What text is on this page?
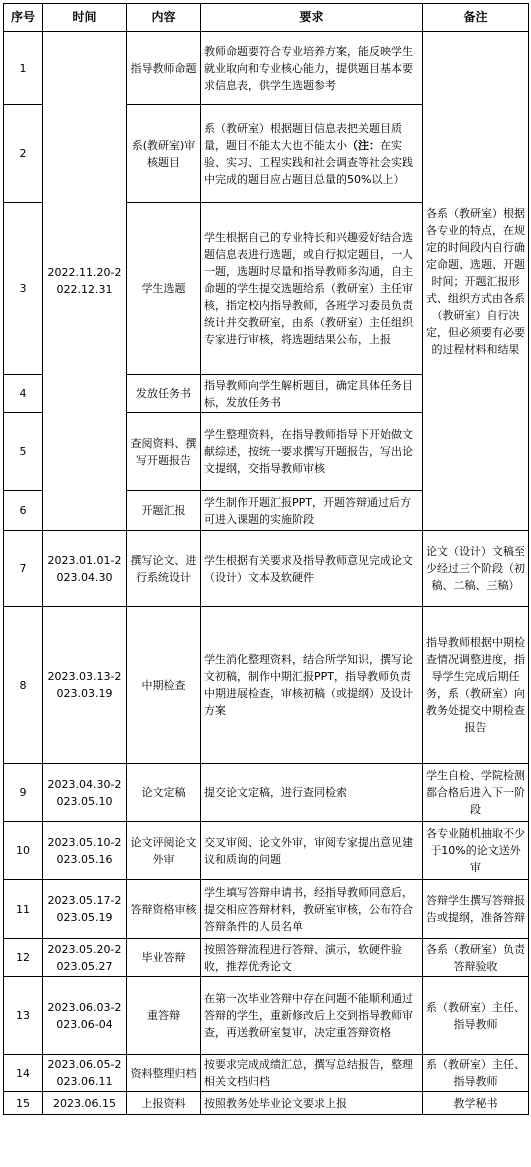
序号	时间	内容	要求	备注
1	2022.11.20-2022.12.31	指导教师命题	教师命题要符合专业培养方案，能反映学生就业取向和专业核心能力，提供题目基本要求信息表，供学生选题参考	各系（教研室）根据各专业的特点，在规定的时间段内自行确定命题、选题、开题时间；开题汇报形式、组织方式由各系（教研室）自行决定，但必须要有必要的过程材料和结果
2		系(教研室)审核题目	系（教研室）根据题目信息表把关题目质量，题目不能太大也不能太小（注：在实验、实习、工程实践和社会调查等社会实践中完成的题目应占题目总量的50%以上）	
3		学生选题	学生根据自己的专业特长和兴趣爱好结合选题信息表进行选题，或自行拟定题目，一人一题，选题时尽量和指导教师多沟通，自主命题的学生提交选题给系（教研室）主任审核，指定校内指导教师，各班学习委员负责统计并交教研室，由系（教研室）主任组织专家进行审核，将选题结果公布，上报	
4		发放任务书	指导教师向学生解析题目，确定具体任务目标，发放任务书	
5		查阅资料、撰写开题报告	学生整理资料，在指导教师指导下开始做文献综述，按统一要求撰写开题报告，写出论文提纲，交指导教师审核	
6		开题汇报	学生制作开题汇报PPT，开题答辩通过后方可进入课题的实施阶段	
7	2023.01.01-2023.04.30	撰写论文、进行系统设计	学生根据有关要求及指导教师意见完成论文（设计）文本及软硬件	论文（设计）文稿至少经过三个阶段（初稿、二稿、三稿）
8	2023.03.13-2023.03.19	中期检查	学生消化整理资料，结合所学知识，撰写论文初稿，制作中期汇报PPT，指导教师负责中期进展检查，审核初稿（或提纲）及设计方案	指导教师根据中期检查情况调整进度，指导学生完成后期任务，系（教研室）向教务处提交中期检查报告
9	2023.04.30-2023.05.10	论文定稿	提交论文定稿，进行查同检索	学生自检、学院检测都合格后进入下一阶段
10	2023.05.10-2023.05.16	论文评阅论文外审	交叉审阅、论文外审，审阅专家提出意见建议和质询的问题	各专业随机抽取不少于10%的论文送外审
11	2023.05.17-2023.05.19	答辩资格审核	学生填写答辩申请书，经指导教师同意后，提交相应答辩材料，教研室审核，公布符合答辩条件的人员名单	答辩学生撰写答辩报告或提纲，准备答辩
12	2023.05.20-2023.05.27	毕业答辩	按照答辩流程进行答辩、演示，软硬件验收，推荐优秀论文	各系（教研室）负责答辩验收
13	2023.06.03-2023.06-04	重答辩	在第一次毕业答辩中存在问题不能顺利通过答辩的学生，重新修改后上交到指导教师审查，再送教研室复审，决定重答辩资格	系（教研室）主任、指导教师
14	2023.06.05-2023.06.11	资料整理归档	按要求完成成绩汇总，撰写总结报告，整理相关文档归档	系（教研室）主任、指导教师
15	2023.06.15	上报资料	按照教务处毕业论文要求上报	教学秘书
